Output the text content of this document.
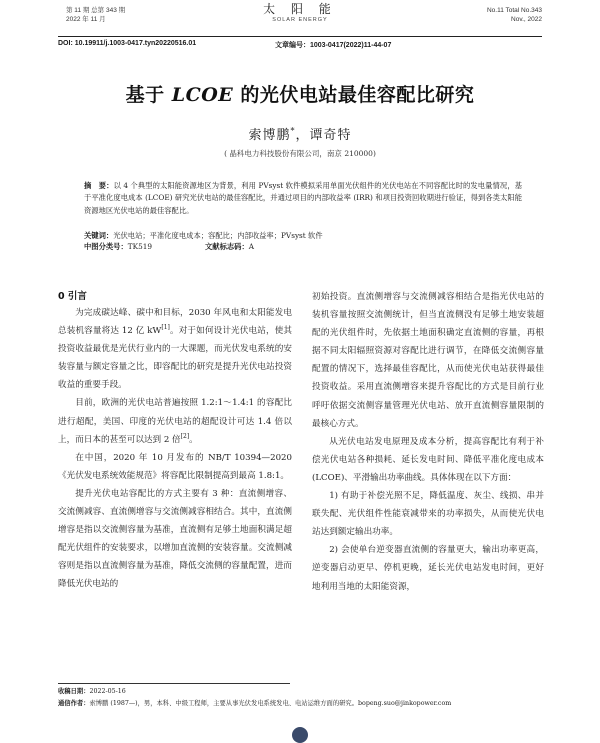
第 11 期 总第 343 期
2022 年 11 月
太 阳 能
SOLAR ENERGY
No.11 Total No.343
Nov., 2022
DOI: 10.19911/j.1003-0417.tyn20220516.01	文章编号：1003-0417(2022)11-44-07
基于 LCOE 的光伏电站最佳容配比研究
索博鹏*，谭奇特
( 晶科电力科技股份有限公司，南京 210000)
摘　要：以 4 个典型的太阳能资源地区为背景，利用 PVsyst 软件模拟采用单面光伏组件的光伏电站在不同容配比时的发电量情况，基于平准化度电成本 (LCOE) 研究光伏电站的最佳容配比，并通过项目的内部收益率 (IRR) 和项目投资回收期进行验证，得到各类太阳能资源地区光伏电站的最佳容配比。
关键词：光伏电站；平准化度电成本；容配比；内部收益率；PVsyst 软件
中图分类号：TK519	文献标志码：A
0 引言

为完成碳达峰、碳中和目标，2030 年风电和太阳能发电总装机容量将达 12 亿 kW[1]。对于如何设计光伏电站，使其投资收益最优是光伏行业内的一大课题，而光伏发电系统的安装容量与额定容量之比，即容配比的研究是提升光伏电站投资收益的重要手段。

目前，欧洲的光伏电站普遍按照 1.2:1～1.4:1 的容配比进行超配，美国、印度的光伏电站的超配设计可达 1.4 倍以上，而日本的甚至可以达到 2 倍[2]。

在中国，2020 年 10 月发布的 NB/T 10394—2020《光伏发电系统效能规范》将容配比限制提高到最高 1.8:1。

提升光伏电站容配比的方式主要有 3 种：直流侧增容、交流侧减容、直流侧增容与交流侧减容相结合。其中，直流侧增容是指以交流侧容量为基准，直流侧有足够土地面积满足超配光伏组件的安装要求，以增加直流侧的安装容量。交流侧减容则是指以直流侧容量为基准，降低交流侧的容量配置，进而降低光伏电站的

初始投资。直流侧增容与交流侧减容相结合是指光伏电站的装机容量按照交流侧统计，但当直流侧没有足够土地安装超配的光伏组件时，先依据土地面积确定直流侧的容量，再根据不同太阳辐照资源对容配比进行调节，在降低交流侧容量配置的情况下，选择最佳容配比，从而使光伏电站获得最佳投资收益。采用直流侧增容来提升容配比的方式是目前行业呼吁依据交流侧容量管理光伏电站、放开直流侧容量限制的最核心方式。

从光伏电站发电原理及成本分析，提高容配比有利于补偿光伏电站各种损耗、延长发电时间、降低平准化度电成本 (LCOE)、平滑输出功率曲线。具体体现在以下方面：

1) 有助于补偿光照不足，降低温度、灰尘、线损、串并联失配、光伏组件性能衰减带来的功率损失，从而使光伏电站达到额定输出功率。

2) 会使单台逆变器直流侧的容量更大，输出功率更高，逆变器启动更早、停机更晚，延长光伏电站发电时间，更好地利用当地的太阳能资源，

收稿日期：2022-05-16
通信作者：索博鹏 (1987—)，男，本科、中级工程师，主要从事光伏发电系统发电、电站运维方面的研究。bopeng.suo@jinkopower.com
